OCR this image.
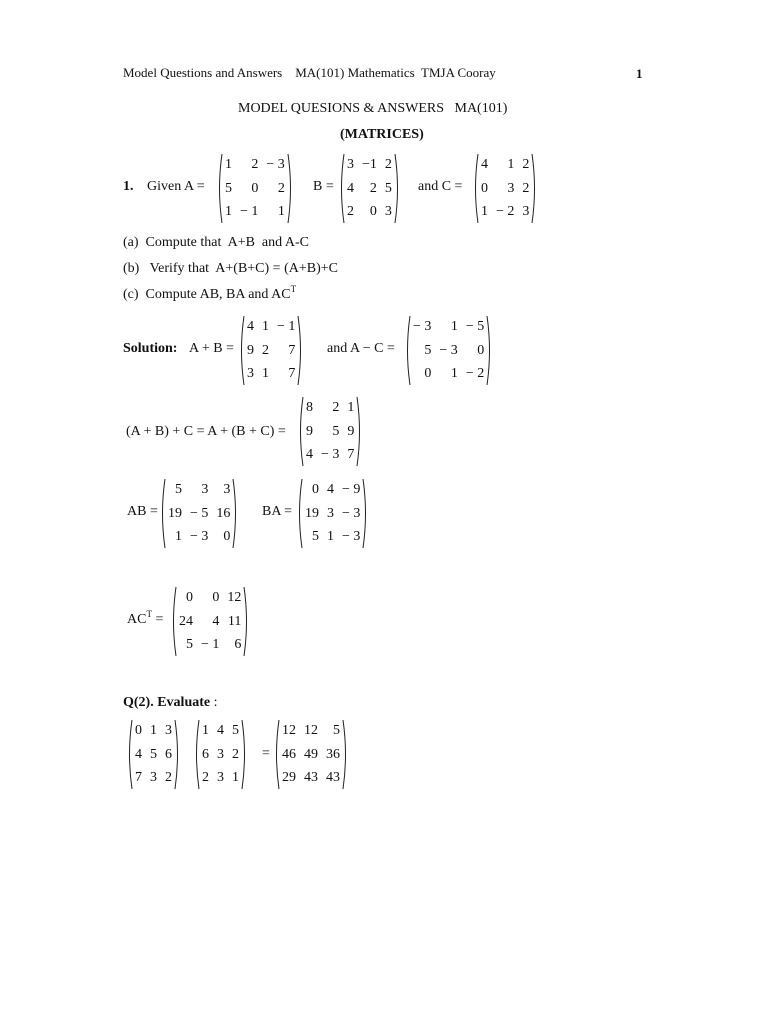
Model Questions and Answers    MA(101) Mathematics  TMJA Cooray	1
MODEL QUESIONS & ANSWERS   MA(101)
(MATRICES)
1. Given A =
1	2 − 3
5	0	2
1 − 1	1
B =
3 −1 2
4	2 5
2	0 3
and C =
4	1 2
0	3 2
1 − 2 3
(a)  Compute that  A+B  and A-C
(b)   Verify that  A+(B+C) = (A+B)+C
(c)  Compute AB, BA and $AC^T$
Solution: A + B =
4 1 − 1
9 2	7
3 1	7
and A − C =
− 3	1 − 5
5 − 3	0
0	1 − 2
(A + B) + C = A + (B + C) =
8	2 1
9	5 9
4 − 3 7
AB =
5	3	3
19 − 5 16
1 − 3	0
BA =
0 4 − 9
19 3 − 3
5 1 − 3
$AC^T$ =
0	0 12
24	4 11
5 − 1	6
Q(2). Evaluate :
0 1 3
4 5 6
7 3 2
1 4 5
6 3 2
2 3 1
=
12 12	5
46 49 36
29 43 43
